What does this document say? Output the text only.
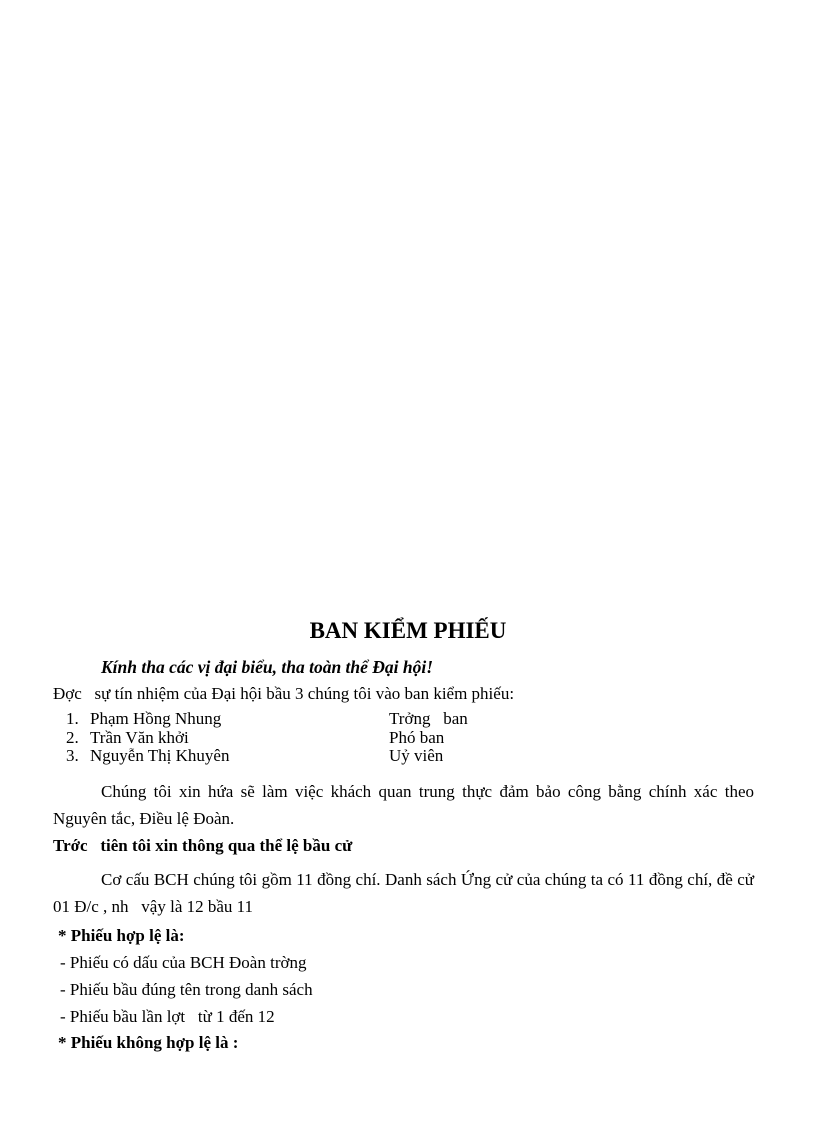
BAN KIỂM PHIẾU
Kính tha các vị đại biểu, tha toàn thể Đại hội!
Đợc   sự tín nhiệm của Đại hội bầu 3 chúng tôi vào ban kiểm phiếu:
1. Phạm Hồng Nhung	Trởng   ban
2. Trần Văn khởi	Phó ban
3. Nguyễn Thị Khuyên	Uỷ viên
Chúng tôi xin hứa sẽ làm việc khách quan trung thực đảm bảo công bằng chính xác theo Nguyên tắc, Điều lệ Đoàn.
Trớc   tiên tôi xin thông qua thể lệ bầu cử
Cơ cấu BCH chúng tôi gồm 11 đồng chí. Danh sách Ứng cử của chúng ta có 11 đồng chí, đề cử 01 Đ/c , nh   vậy là 12 bầu 11
* Phiếu hợp lệ là:
- Phiếu có dấu của BCH Đoàn trờng
- Phiếu bầu đúng tên trong danh sách
- Phiếu bầu lần lợt   từ 1 đến 12
* Phiếu không hợp lệ là :
